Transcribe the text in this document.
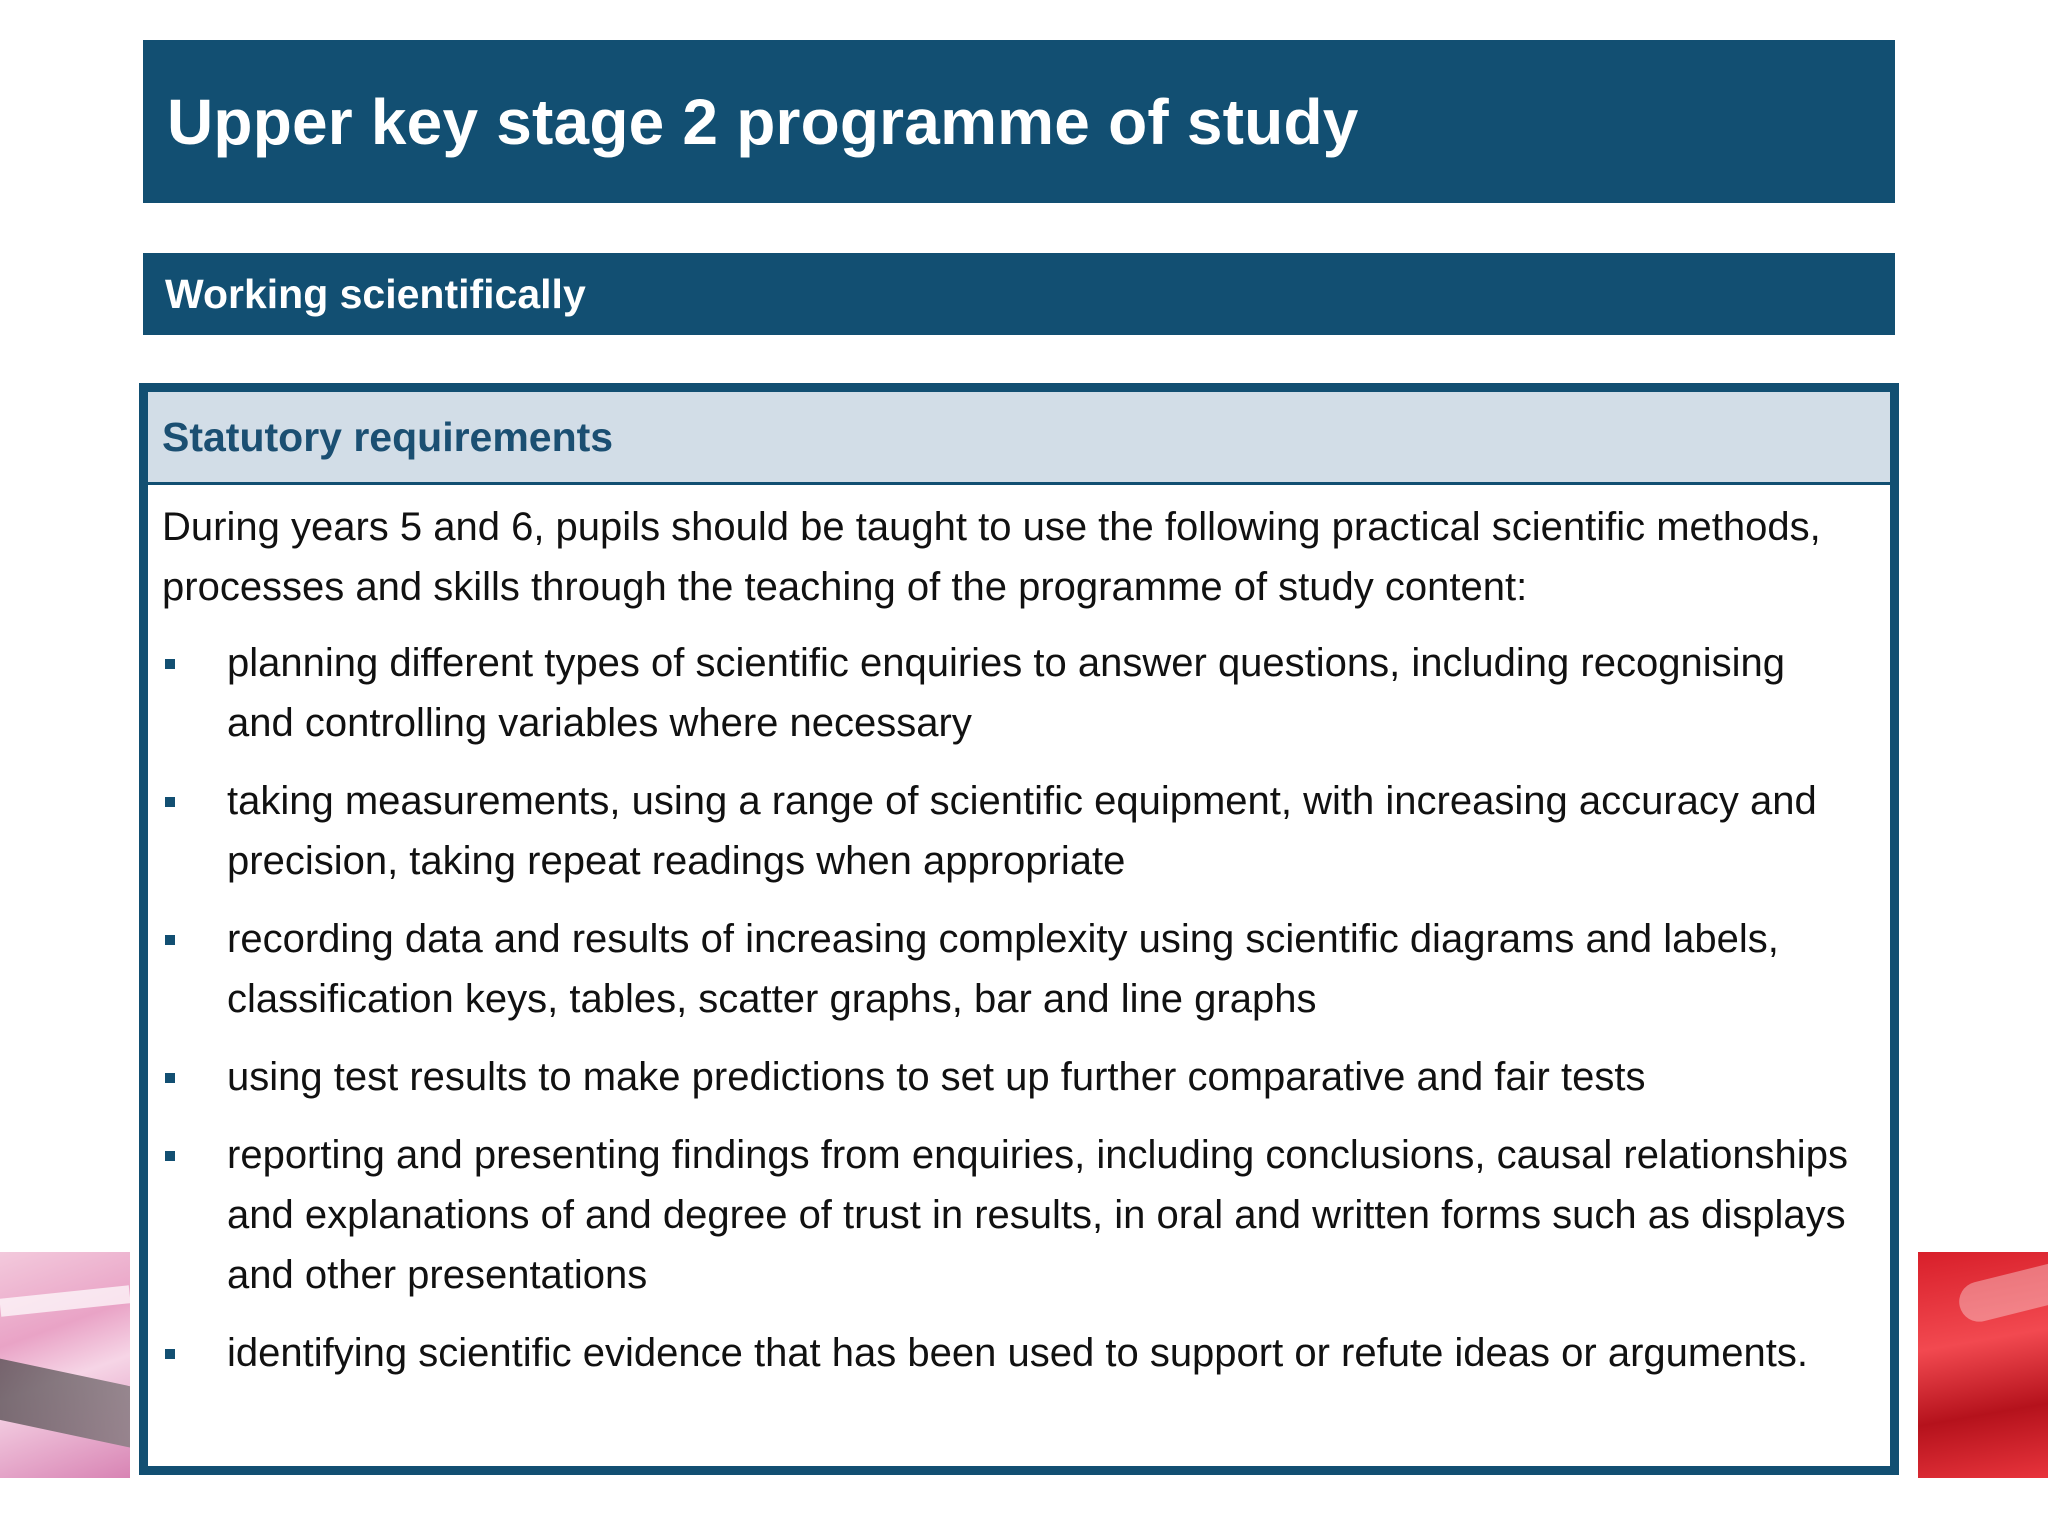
Upper key stage 2 programme of study
Working scientifically
Statutory requirements

During years 5 and 6, pupils should be taught to use the following practical scientific methods, processes and skills through the teaching of the programme of study content:

planning different types of scientific enquiries to answer questions, including recognising and controlling variables where necessary
taking measurements, using a range of scientific equipment, with increasing accuracy and precision, taking repeat readings when appropriate
recording data and results of increasing complexity using scientific diagrams and labels, classification keys, tables, scatter graphs, bar and line graphs
using test results to make predictions to set up further comparative and fair tests
reporting and presenting findings from enquiries, including conclusions, causal relationships and explanations of and degree of trust in results, in oral and written forms such as displays and other presentations
identifying scientific evidence that has been used to support or refute ideas or arguments.
